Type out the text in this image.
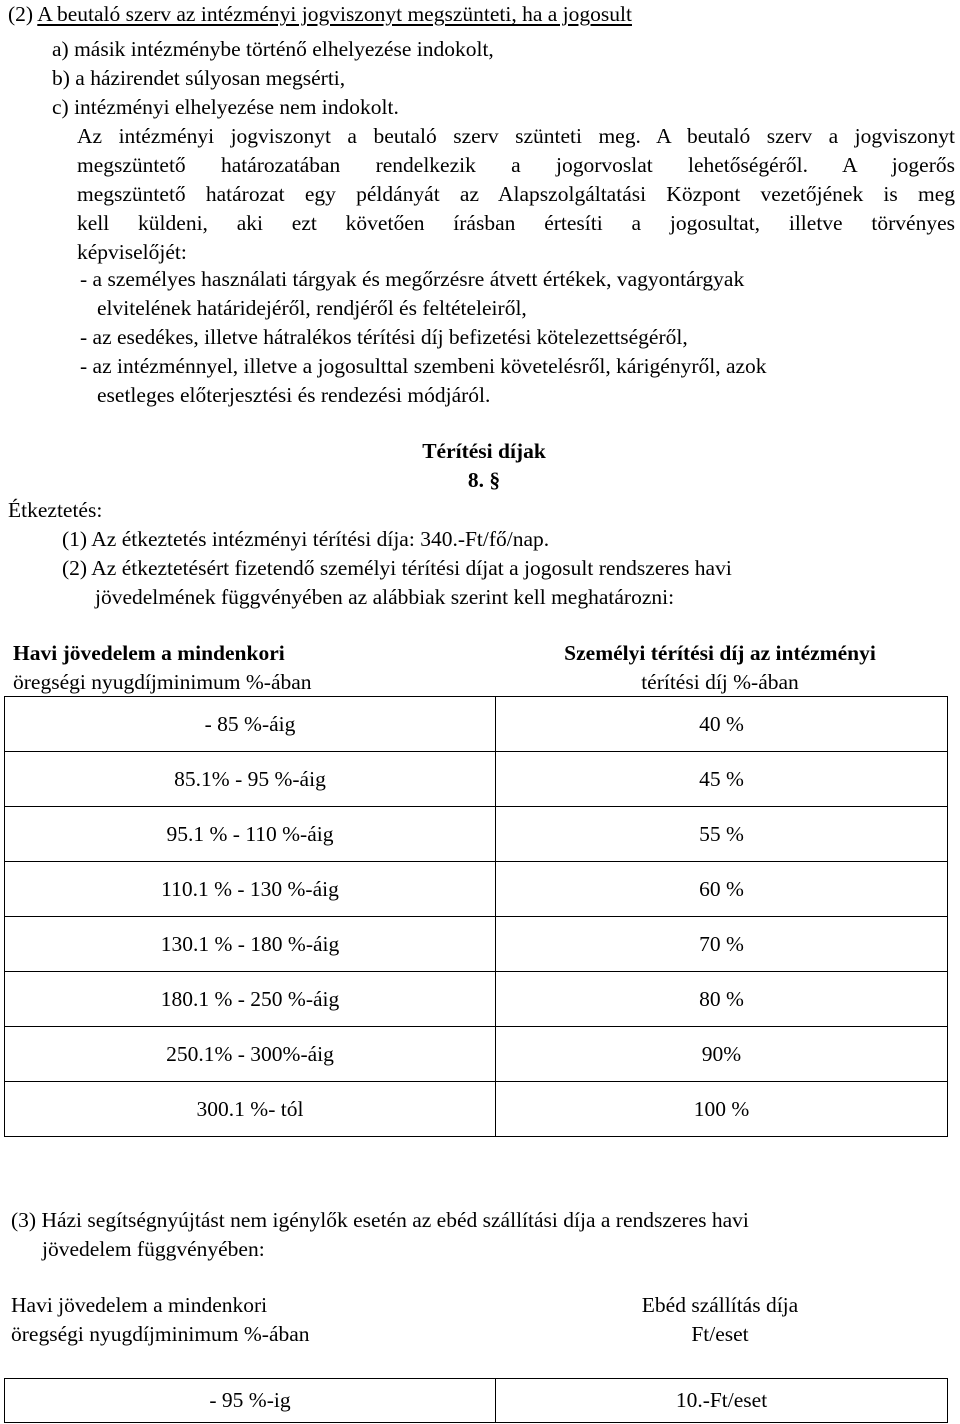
(2) A beutaló szerv az intézményi jogviszonyt megszünteti, ha a jogosult
a) másik intézménybe történő elhelyezése indokolt,
b) a házirendet súlyosan megsérti,
c) intézményi elhelyezése nem indokolt.
Az intézményi jogviszonyt a beutaló szerv szünteti meg. A beutaló szerv a jogviszonyt
megszüntető határozatában rendelkezik a jogorvoslat lehetőségéről. A jogerős
megszüntető határozat egy példányát az Alapszolgáltatási Központ vezetőjének is meg
kell küldeni, aki ezt követően írásban értesíti a jogosultat, illetve törvényes
képviselőjét:
- a személyes használati tárgyak és megőrzésre átvett értékek, vagyontárgyak
elvitelének határidejéről, rendjéről és feltételeiről,
- az esedékes, illetve hátralékos térítési díj befizetési kötelezettségéről,
- az intézménnyel, illetve a jogosulttal szembeni követelésről, kárigényről, azok
esetleges előterjesztési és rendezési módjáról.
Térítési díjak
8. §
Étkeztetés:
(1) Az étkeztetés intézményi térítési díja: 340.-Ft/fő/nap.
(2) Az étkeztetésért fizetendő személyi térítési díjat a jogosult rendszeres havi
jövedelmének függvényében az alábbiak szerint kell meghatározni:
Havi jövedelem a mindenkori
öregségi nyugdíjminimum %-ában
Személyi térítési díj az intézményi
térítési díj %-ában
- 85 %-áig	40 %
85.1% - 95 %-áig	45 %
95.1 % - 110 %-áig	55 %
110.1 % - 130 %-áig	60 %
130.1 % - 180 %-áig	70 %
180.1 % - 250 %-áig	80 %
250.1% - 300%-áig	90%
300.1 %- tól	100 %
(3) Házi segítségnyújtást nem igénylők esetén az ebéd szállítási díja a rendszeres havi
jövedelem függvényében:
Havi jövedelem a mindenkori
öregségi nyugdíjminimum %-ában
Ebéd szállítás díja
Ft/eset
- 95 %-ig	10.-Ft/eset
